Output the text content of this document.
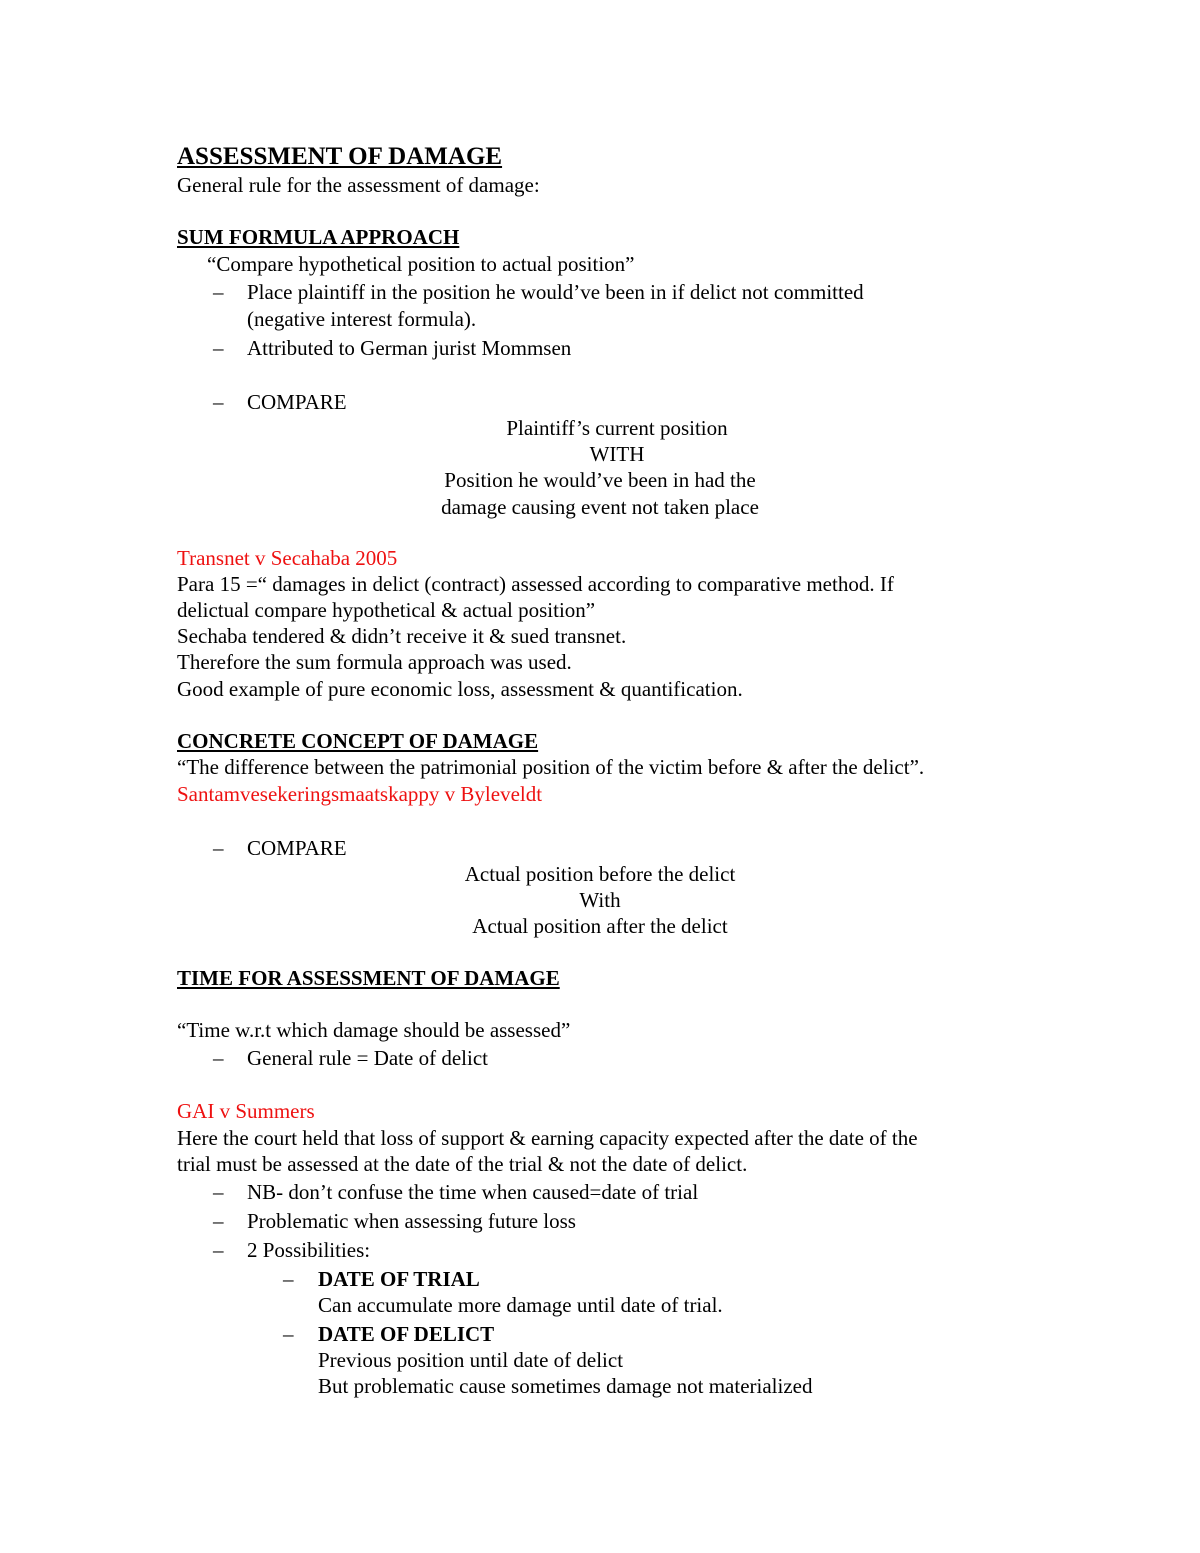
ASSESSMENT OF DAMAGE
General rule for the assessment of damage:
SUM FORMULA APPROACH
“Compare hypothetical position to actual position”
– Place plaintiff in the position he would’ve been in if delict not committed
(negative interest formula).
– Attributed to German jurist Mommsen
– COMPARE
Plaintiff’s current position
WITH
Position he would’ve been in had the
damage causing event not taken place
Transnet v Secahaba 2005
Para 15 =“ damages in delict (contract) assessed according to comparative method. If
delictual compare hypothetical & actual position”
Sechaba tendered & didn’t receive it & sued transnet.
Therefore the sum formula approach was used.
Good example of pure economic loss, assessment & quantification.
CONCRETE CONCEPT OF DAMAGE
“The difference between the patrimonial position of the victim before & after the delict”.
Santamvesekeringsmaatskappy v Byleveldt
– COMPARE
Actual position before the delict
With
Actual position after the delict
TIME FOR ASSESSMENT OF DAMAGE
“Time w.r.t which damage should be assessed”
– General rule = Date of delict
GAI v Summers
Here the court held that loss of support & earning capacity expected after the date of the
trial must be assessed at the date of the trial & not the date of delict.
– NB- don’t confuse the time when caused=date of trial
– Problematic when assessing future loss
– 2 Possibilities:
– DATE OF TRIAL
Can accumulate more damage until date of trial.
– DATE OF DELICT
Previous position until date of delict
But problematic cause sometimes damage not materialized
